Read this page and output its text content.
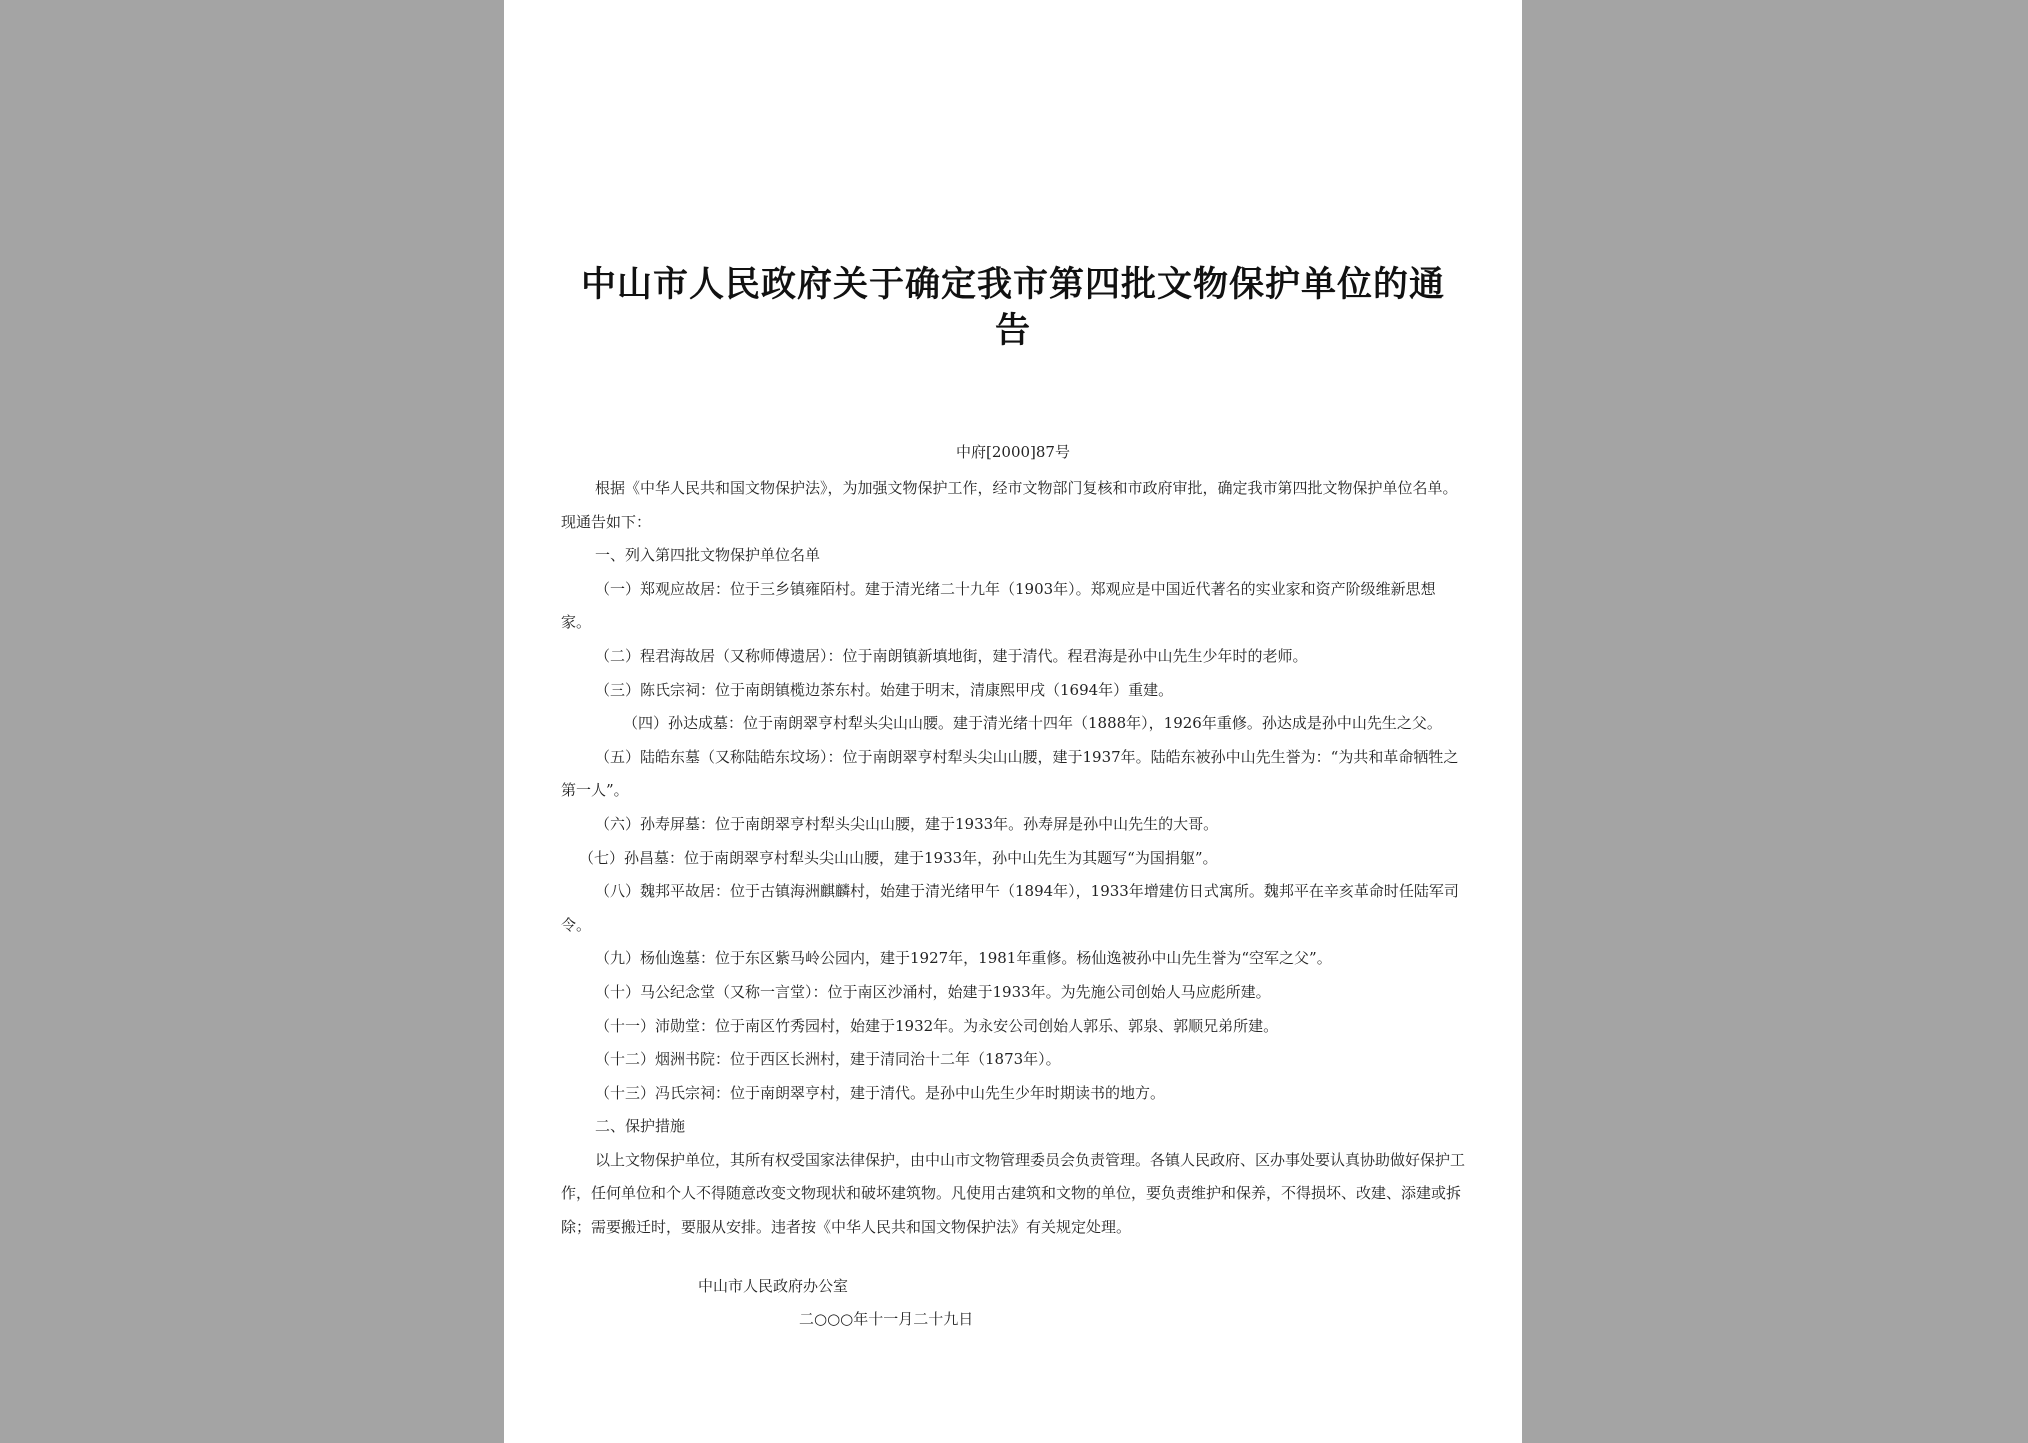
中山市人民政府关于确定我市第四批文物保护单位的通告
中府[2000]87号

根据《中华人民共和国文物保护法》，为加强文物保护工作，经市文物部门复核和市政府审批，确定我市第四批文物保护单位名单。现通告如下：

一、列入第四批文物保护单位名单

（一）郑观应故居：位于三乡镇雍陌村。建于清光绪二十九年（1903年）。郑观应是中国近代著名的实业家和资产阶级维新思想家。

（二）程君海故居（又称师傅遗居）：位于南朗镇新填地街，建于清代。程君海是孙中山先生少年时的老师。

（三）陈氏宗祠：位于南朗镇榄边茶东村。始建于明末，清康熙甲戌（1694年）重建。

（四）孙达成墓：位于南朗翠亨村犁头尖山山腰。建于清光绪十四年（1888年），1926年重修。孙达成是孙中山先生之父。

（五）陆皓东墓（又称陆皓东坟场）：位于南朗翠亨村犁头尖山山腰，建于1937年。陆皓东被孙中山先生誉为：“为共和革命牺牲之第一人”。

（六）孙寿屏墓：位于南朗翠亨村犁头尖山山腰，建于1933年。孙寿屏是孙中山先生的大哥。

（七）孙昌墓：位于南朗翠亨村犁头尖山山腰，建于1933年，孙中山先生为其题写“为国捐躯”。

（八）魏邦平故居：位于古镇海洲麒麟村，始建于清光绪甲午（1894年），1933年增建仿日式寓所。魏邦平在辛亥革命时任陆军司令。

（九）杨仙逸墓：位于东区紫马岭公园内，建于1927年，1981年重修。杨仙逸被孙中山先生誉为“空军之父”。

（十）马公纪念堂（又称一言堂）：位于南区沙涌村，始建于1933年。为先施公司创始人马应彪所建。

（十一）沛勋堂：位于南区竹秀园村，始建于1932年。为永安公司创始人郭乐、郭泉、郭顺兄弟所建。

（十二）烟洲书院：位于西区长洲村，建于清同治十二年（1873年）。

（十三）冯氏宗祠：位于南朗翠亨村，建于清代。是孙中山先生少年时期读书的地方。

二、保护措施

以上文物保护单位，其所有权受国家法律保护，由中山市文物管理委员会负责管理。各镇人民政府、区办事处要认真协助做好保护工作，任何单位和个人不得随意改变文物现状和破坏建筑物。凡使用古建筑和文物的单位，要负责维护和保养，不得损坏、改建、添建或拆除；需要搬迁时，要服从安排。违者按《中华人民共和国文物保护法》有关规定处理。

中山市人民政府办公室
二○○○年十一月二十九日
